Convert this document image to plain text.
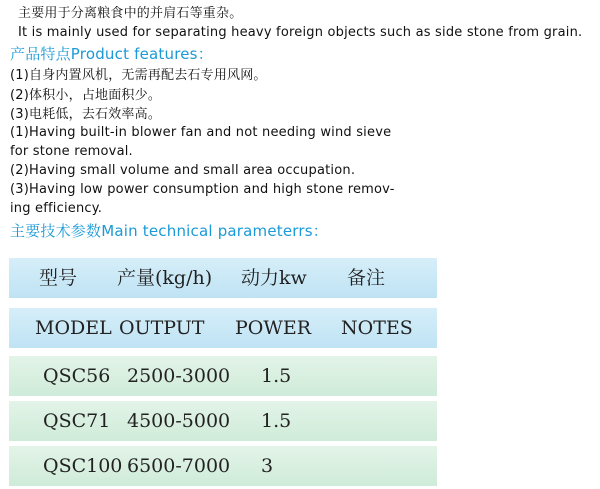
主要用于分离粮食中的并肩石等重杂。
It is mainly used for separating heavy foreign objects such as side stone from grain.
产品特点Product features：
(1)自身内置风机，无需再配去石专用风网。
(2)体积小，占地面积少。
(3)电耗低，去石效率高。
(1)Having built-in blower fan and not needing wind sieve
for stone removal.
(2)Having small volume and small area occupation.
(3)Having low power consumption and high stone remov-
ing efficiency.
主要技术参数Main technical parameterrs：
型号 产量(kg/h) 动力kw 备注
MODEL OUTPUT POWER NOTES
QSC56 2500-3000 1.5
QSC71 4500-5000 1.5
QSC100 6500-7000 3
